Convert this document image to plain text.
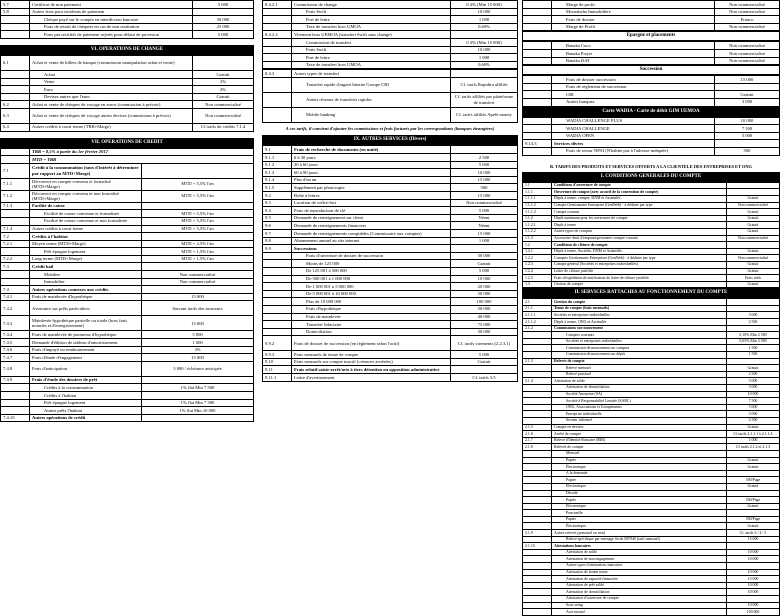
5.7	Certificat de non paiement	5 000
5.8	Autres frais pour incidents de paiement	
	Chèque payé sur le compte en interdiction bancaire	30 000
	Frais de retrait de chéquier en cas de non restitution	25 000
	Frais par rectifiés de paiement rejetés pour défaut de provision	5 000
VI. OPERATIONS DE CHANGE
6.1	Achat et vente de billets de banque (commission manipulation achat et vente)	
	Achat	Gratuit
	Vente	2%
	Euro	2%
	Devises autres que l'euro	Gratuit
6.2	Achat et vente de chèques de voyage en euros (commission à prévoir)	Non commercialisé
6.3	Achat et vente de chèques de voyage autres devises (commission à prévoir)	Non commercialisé
6.4	Autres crédits à court terme (TBB+Marge)	Cf tarifs de crédits 7.1.4
VII. OPERATIONS DE CREDIT
	TBB = 8,5% à partir du 1er février 2017	
	MTD = TBB	
7.1	Crédit à la consommation (taux d'intérêt à déterminer par rapport au MTD+Marge)	
7.1.1	Découvert en compte convenu et formalisé (MTD+Marge)	MTD + 5,5% l'an
7.1.2	Découvert en compte convenu et non formalisé (MTD+Marge)	MTD + 5,5% l'an
7.1.3	Facilité de caisse	
	Facilité de caisse convenue et formalisée	MTD + 5,5% l'an
	Facilité de caisse convenue et non formalisée	MTD + 5,5% l'an
7.1.4	Autres crédits à court terme	MTD + 5,5% l'an
7.2	Crédits à l'habitat	
7.2.1	Moyen terme (MTD+Marge)	MTD + 2,5% l'an
	Prêt épargne logement	MTD + 1,5% l'an
7.2.2	Long terme (MTD+Marge)	MTD + 1,5% l'an
7.3	Crédit bail	
	Mobilier	Non commercialisé
	Immobilier	Non commercialisé
7.4	Autres opérations connexes aux crédits	
7.4.1	Frais de mainlevée d'hypothèque	15 000
7.4.2	Assurance sur prêts particuliers	Suivant tarifs des assureurs
7.4.3	Mainlevée hypothèque partielle ou totale (hors frais notariés et d'enregistrement)	15 000
7.4.4	Frais de mainlevée de promesse d'hypothèque	5 000
7.4.5	Demande d'édition de tableau d'amortissement	1 000
7.4.6	Frais d'impayé ou remboursement	3%
7.4.7	Frais d'étude d'engagement	15 000
7.4.8	Frais d'anticipation	3 000 / échéance anticipée
7.4.9	Frais d'étude des dossiers de prêt	
	Crédits à la consommation	1% flat Min 7 500
	Crédits à l'habitat	
	Prêt épargne logement	1% flat Min 7 500
	Autres prêts l'habitat	1% flat Min 10 000
7.4.10	Autres opérations de crédit	
8.4.2.1	Commission de change	0.3% (Min 15 000)
	Frais Swift	10 000
	Port de lettre	1 000
	Taxe de transfert hors UMOA	0,60%
8.4.2.2	Virement hors UEMOA (transfert Swift sans change)	
	Commission de transfert	0.3% (Min 15 000)
	Frais Swift	10 000
	Port de lettre	1 000
	Taxe de transfert hors UMOA	0,60%
8.4.3	Autres types de transfert	
	Transfert rapide d'argent Interne Groupe CBI	Cf. tarifs Rapidtra affiliés
	Autres réseaux de transferts rapides	Cf. tarifs affiliés par plateforme de transfert
	Mobile banking	Cf. tarifs affiliés Apelé money
A ces tarifs, il convient d'ajouter les commissions et frais facturés par les correspondants (banques étrangères)
IX. AUTRES SERVICES (Divers)
9.1	Frais de recherche de documents (en unité)	
9.1.1	0 à 30 jours	2 500
9.1.2	30 à 60 jours	5 000
9.1.3	60 à 90 jours	10 000
9.1.4	Plus d'un an	15 000
9.1.5	Supplément par photocopie	500
9.2	Boîte à lettres	15 000
9.3	Location de coffre-fort	Non commercialisé
9.4	Frais de reproduction de clé	5 000
9.5	Demande de renseignement sur client	Néant
9.6	Demande de renseignements financiers	Néant
9.7	Demande de renseignements comptables (Commissaire aux comptes)	15 000
9.8	Abonnement annuel au site internet	1 000
9.9	Successions	
	Frais d'ouverture de dossier de succession	50 000
	Moins de 125 000	Gratuit
	De 125 001 à 500 000	5 000
	De 500 001 à 1 000 000	10 000
	De 1 000 001 à 5 000 000	20 000
	De 5 000 001 à 10 000 000	50 000
	Plus de 10 000 000	100 000
	Frais d'hypothèque	50 000
	Frais de mainlevée	40 000
	Transfert fiduciaire	75 000
	Domiciliation	30 000
9.9.2	Frais de dossier de succession (en règlement selon l'actif)	Cf. tarifs virements (2.2.3.1)
9.9.3	Frais mensuels de tenue de compte	5 000
9.10	Frais mensuels sur compte inactif (créances arriérées)	Gratuit
9.11	Frais relatif saisie-arrêt/avis à tiers détention ou opposition administrative	
9.11.1	Lettre d'avertissement	Cf. tarifs 3.5
	Marge de profit	Non commercialisé
	Mourabaha Immobilière	Non commercialisé
	Frais de dossier	Franco
	Marge de Profit	Non commercialisé
Epargne et placements
	Banaka Coco	Non commercialisé
	Banaka Projet	Non commercialisé
	Banaka DAT	Non commercialisé
Succession
	Frais de dossier succession	15 000
	Frais de règlement de succession	
	CBI	Gratuit
	Autres banques	3 000
Carte WADIA - Carte de débit GIM UEMOA
	WADIA CHALLENGE PLUS	10 000
	WADIA CHALLENGE	7 500
	WADIA OPEN	5 000
9.14.3	Services divers	
	Frais de retour NPAI (N'habite pas à l'adresse indiquée)	500
B. TARIFS DES PRODUITS ET SERVICES OFFERTS A LA CLIENTELE DES ENTREPRISES ET ONG
I. CONDITIONS GENERALES DU COMPTE
1.1	Conditions d'ouverture de compte	
1.1.1	Ouverture de compte (avec accord de la convention de compte)	
1.1.1.1	Dépôt à terme, compte, DNM et Assimilés	Gratuit
1.1.1.2	Compte Gestionnaire Entreprise (GenWeb) - à déduire par type	Non commercialisé
1.1.1.3	Compte courant	Gratuit
1.1.2	Dépôt minimum pour les ouvertures de compte	Gratuit
1.1.2.1	Dépôt à terme	Gratuit
1.1.2.2	Autres types de comptes	Gratuit
1.1.3	Accessoire droit d'emprunt/personnes compte courant	Non commercialisé
1.2	Conditions de clôture de compte	
1.2.1	Dépôt à terme, Sociétés, DNM et Assimilés	Gratuit
1.2.2	Comptes Gestionnaire Entreprises (GenWeb) - à déduire par type	Non commercialisé
1.2.3	Compte général (Sociétés et entreprises individuelles)	Gratuit
1.2.4	Lettre de clôture justifiée	Gratuit
1.2.5	Frais d'expédition de notification de lettre de clôture justifiée	Frais réels
1.3	Gestion de compte	Gratuit
II. SERVICES RATTACHES AU FONCTIONNEMENT DU COMPTE
2.1	Gestion du compte	
2.1.1	Tenue de compte (frais mensuels)	
2.1.1.1	Sociétés et entreprises individuelles	5 000
2.1.1.2	Dépôt à terme, ONG et Assimilés	2 500
2.1.2	Commissions sur mouvement	
	Comptes courants	0,10% Min 2 500
	Sociétés et entreprises individuelles	0,05% Min 5 000
	Commission de mouvement sur comptes	1 500
	Commission de mouvement sur dépôt	1 500
2.1.3	Relevés de compte	
	Relevé mensuel	Gratuit
	Relevé ponctuel	2 500
2.1.4	Attestation de solde	5 000
	Attestation de domiciliation	5 000
	Société Anonyme (SA)	10 000
	Société à Responsabilité Limitée (SARL)	7 500
	ONG, Associations et Groupements	5 000
	Entreprise individuelle	5 000
	Secteur informel	2 500
2.1.5	Compte en devises	Gratuit
2.1.6	Arrêté de compte	Cf tarifs 2.1.1.1 à 2.1.1.4
2.1.7	Relevé d'Identité Bancaire (RIB)	1 000
2.1.8	Relevés de compte	Cf tarifs 2.1.2 et 2.1.3
	Mensuel	
	Papier	Gratuit
	Électronique	Gratuit
	A la demande	
	Papier	500/Page
	Électronique	Gratuit
	Décadé	
	Papier	500/Page
	Électronique	Gratuit
	Ponctuelle	
	Papier	500/Page
	Électronique	Gratuit
2.1.9	Autres relevés (ponctuel ou non)	Cf. tarifs 3 / 4 / 5
	Relevé spécifique par message Swift MT940 (tarif mensuel)	15 000
2.1.10	Attestations bancaires	
	Attestation de solde	10 000
	Attestation de non engagement	10 000
	Autres types d'attestations bancaires	
	Attestation de bonne tenue	10 000
	Attestation de capacité financière	15 000
	Attestation de prêt soldé	10 000
	Attestation de domiciliation	10 000
	Attestation d'ouverture de compte	
	Sous seing	10 000
	Acte notarié	100 000
